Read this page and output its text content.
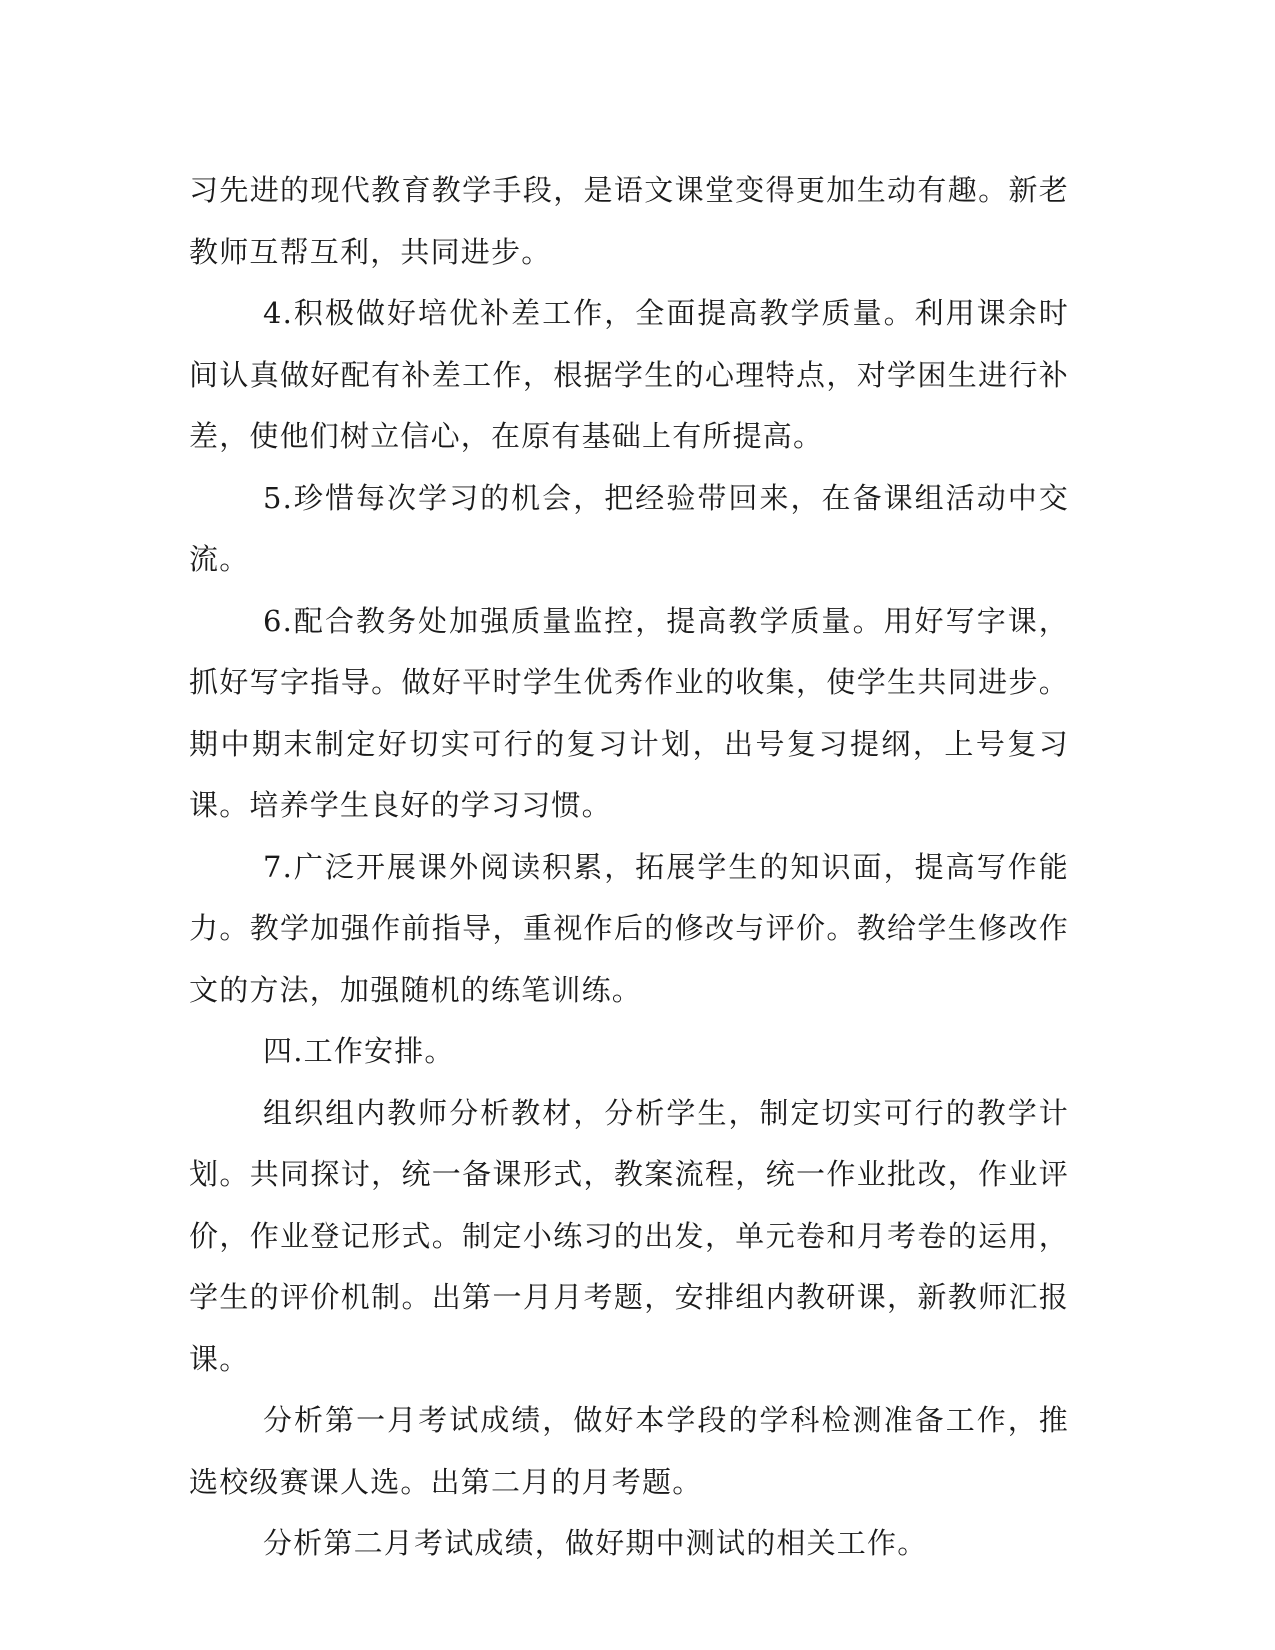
习先进的现代教育教学手段，是语文课堂变得更加生动有趣。新老教师互帮互利，共同进步。

4.积极做好培优补差工作，全面提高教学质量。利用课余时间认真做好配有补差工作，根据学生的心理特点，对学困生进行补差，使他们树立信心，在原有基础上有所提高。

5.珍惜每次学习的机会，把经验带回来，在备课组活动中交流。

6.配合教务处加强质量监控，提高教学质量。用好写字课，抓好写字指导。做好平时学生优秀作业的收集，使学生共同进步。期中期末制定好切实可行的复习计划，出号复习提纲，上号复习课。培养学生良好的学习习惯。

7.广泛开展课外阅读积累，拓展学生的知识面，提高写作能力。教学加强作前指导，重视作后的修改与评价。教给学生修改作文的方法，加强随机的练笔训练。

四.工作安排。

组织组内教师分析教材，分析学生，制定切实可行的教学计划。共同探讨，统一备课形式，教案流程，统一作业批改，作业评价，作业登记形式。制定小练习的出发，单元卷和月考卷的运用，学生的评价机制。出第一月月考题，安排组内教研课，新教师汇报课。

分析第一月考试成绩，做好本学段的学科检测准备工作，推选校级赛课人选。出第二月的月考题。

分析第二月考试成绩，做好期中测试的相关工作。
